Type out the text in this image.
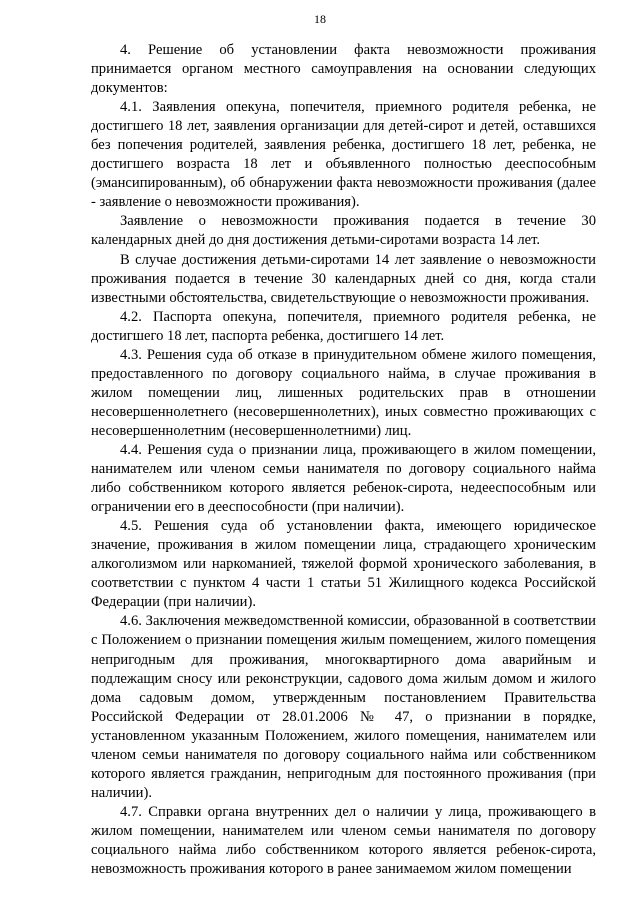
18

4. Решение об установлении факта невозможности проживания принимается органом местного самоуправления на основании следующих документов:

4.1. Заявления опекуна, попечителя, приемного родителя ребенка, не достигшего 18 лет, заявления организации для детей-сирот и детей, оставшихся без попечения родителей, заявления ребенка, достигшего 18 лет, ребенка, не достигшего возраста 18 лет и объявленного полностью дееспособным (эмансипированным), об обнаружении факта невозможности проживания (далее - заявление о невозможности проживания).

Заявление о невозможности проживания подается в течение 30 календарных дней до дня достижения детьми-сиротами возраста 14 лет.

В случае достижения детьми-сиротами 14 лет заявление о невозможности проживания подается в течение 30 календарных дней со дня, когда стали известными обстоятельства, свидетельствующие о невозможности проживания.

4.2. Паспорта опекуна, попечителя, приемного родителя ребенка, не достигшего 18 лет, паспорта ребенка, достигшего 14 лет.

4.3. Решения суда об отказе в принудительном обмене жилого помещения, предоставленного по договору социального найма, в случае проживания в жилом помещении лиц, лишенных родительских прав в отношении несовершеннолетнего (несовершеннолетних), иных совместно проживающих с несовершеннолетним (несовершеннолетними) лиц.

4.4. Решения суда о признании лица, проживающего в жилом помещении, нанимателем или членом семьи нанимателя по договору социального найма либо собственником которого является ребенок-сирота, недееспособным или ограничении его в дееспособности (при наличии).

4.5. Решения суда об установлении факта, имеющего юридическое значение, проживания в жилом помещении лица, страдающего хроническим алкоголизмом или наркоманией, тяжелой формой хронического заболевания, в соответствии с пунктом 4 части 1 статьи 51 Жилищного кодекса Российской Федерации (при наличии).

4.6. Заключения межведомственной комиссии, образованной в соответствии с Положением о признании помещения жилым помещением, жилого помещения непригодным для проживания, многоквартирного дома аварийным и подлежащим сносу или реконструкции, садового дома жилым домом и жилого дома садовым домом, утвержденным постановлением Правительства Российской Федерации от 28.01.2006 № 47, о признании в порядке, установленном указанным Положением, жилого помещения, нанимателем или членом семьи нанимателя по договору социального найма или собственником которого является гражданин, непригодным для постоянного проживания (при наличии).

4.7. Справки органа внутренних дел о наличии у лица, проживающего в жилом помещении, нанимателем или членом семьи нанимателя по договору социального найма либо собственником которого является ребенок-сирота, невозможность проживания которого в ранее занимаемом жилом помещении
